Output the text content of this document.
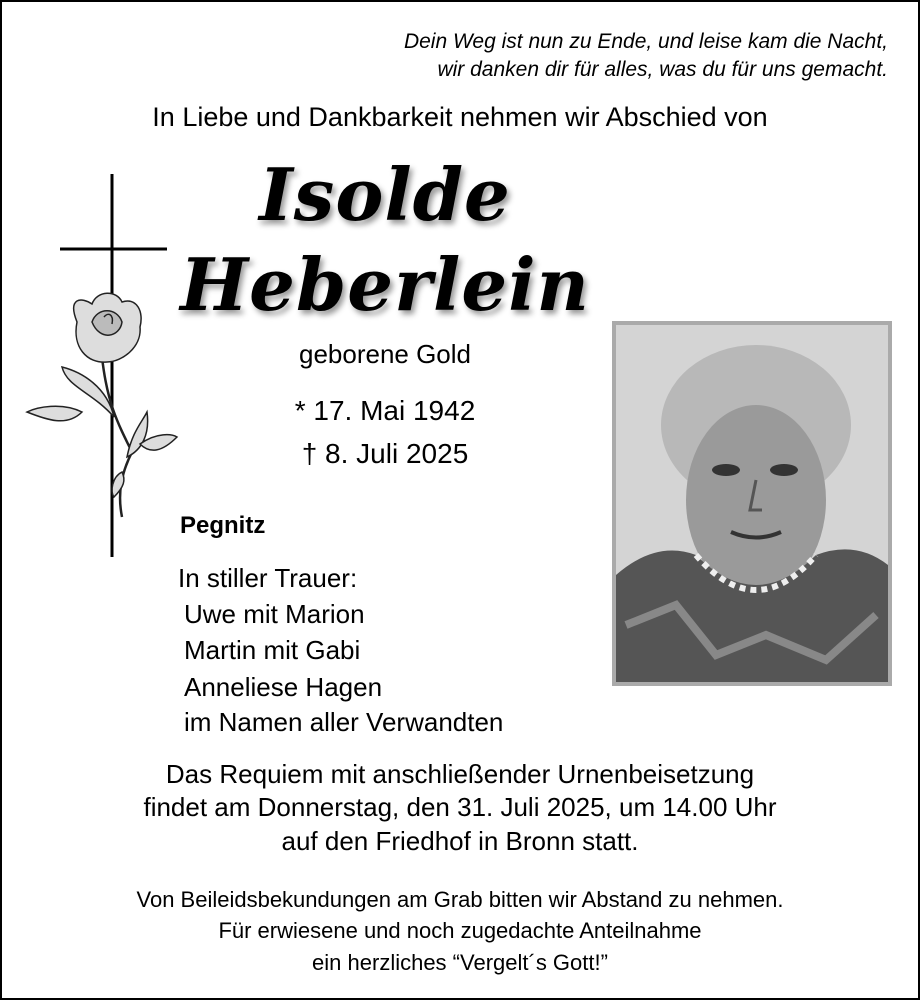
Dein Weg ist nun zu Ende, und leise kam die Nacht,
wir danken dir für alles, was du für uns gemacht.
In Liebe und Dankbarkeit nehmen wir Abschied von
Isolde
Heberlein
geborene Gold
* 17. Mai 1942
† 8. Juli 2025
Pegnitz
In stiller Trauer:
Uwe mit Marion
Martin mit Gabi
Anneliese Hagen
im Namen aller Verwandten
Das Requiem mit anschließender Urnenbeisetzung
findet am Donnerstag, den 31. Juli 2025, um 14.00 Uhr
auf den Friedhof in Bronn statt.
Von Beileidsbekundungen am Grab bitten wir Abstand zu nehmen.
Für erwiesene und noch zugedachte Anteilnahme
ein herzliches “Vergelt´s Gott!”
